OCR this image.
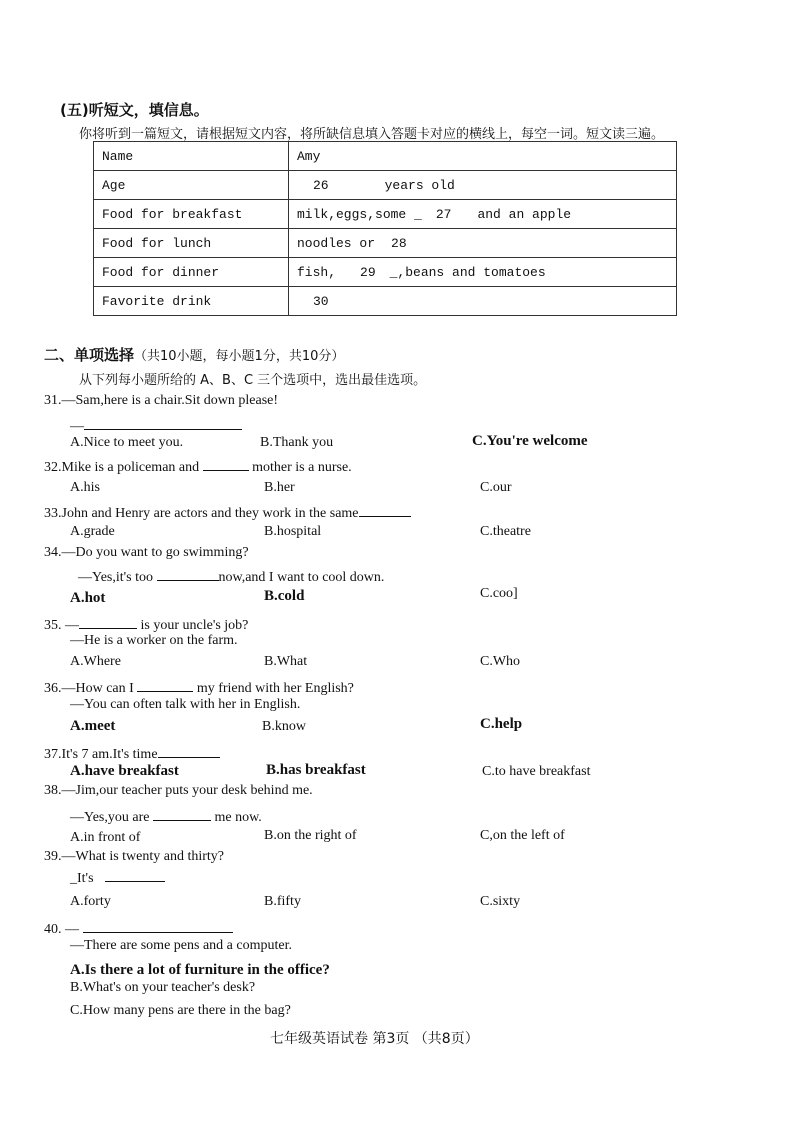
(五)听短文，填信息。
你将听到一篇短文，请根据短文内容，将所缺信息填入答题卡对应的横线上，每空一词。短文读三遍。
Name	Amy
Age	26 years old
Food for breakfast	milk,eggs,some _ 27 and an apple
Food for lunch	noodles or 28
Food for dinner	fish, 29 _,beans and tomatoes
Favorite drink	30
二、单项选择（共10小题，每小题1分，共10分）
从下列每小题所给的 A、B、C 三个选项中，选出最佳选项。
31.—Sam,here is a chair.Sit down please!
—
A.Nice to meet you.	B.Thank you	C.You're welcome
32.Mike is a policeman and	mother is a nurse.
A.his	B.her	C.our
33.John and Henry are actors and they work in the same
A.grade	B.hospital	C.theatre
34.—Do you want to go swimming?
—Yes,it's too	now,and I want to cool down.
A.hot	B.cold	C.coo]
35. —	is your uncle's job?
—He is a worker on the farm.
A.Where	B.What	C.Who
36.—How can I	my friend with her English?
—You can often talk with her in English.
A.meet	B.know	C.help
37.It's 7 am.It's time
A.have breakfast	B.has breakfast	C.to have breakfast
38.—Jim,our teacher puts your desk behind me.
—Yes,you are	me now.
A.in front of	B.on the right of	C,on the left of
39.—What is twenty and thirty?
_It's
A.forty	B.fifty	C.sixty
40. —
—There are some pens and a computer.
A.Is there a lot of furniture in the office?
B.What's on your teacher's desk?
C.How many pens are there in the bag?
七年级英语试卷 第3页 （共8页）
